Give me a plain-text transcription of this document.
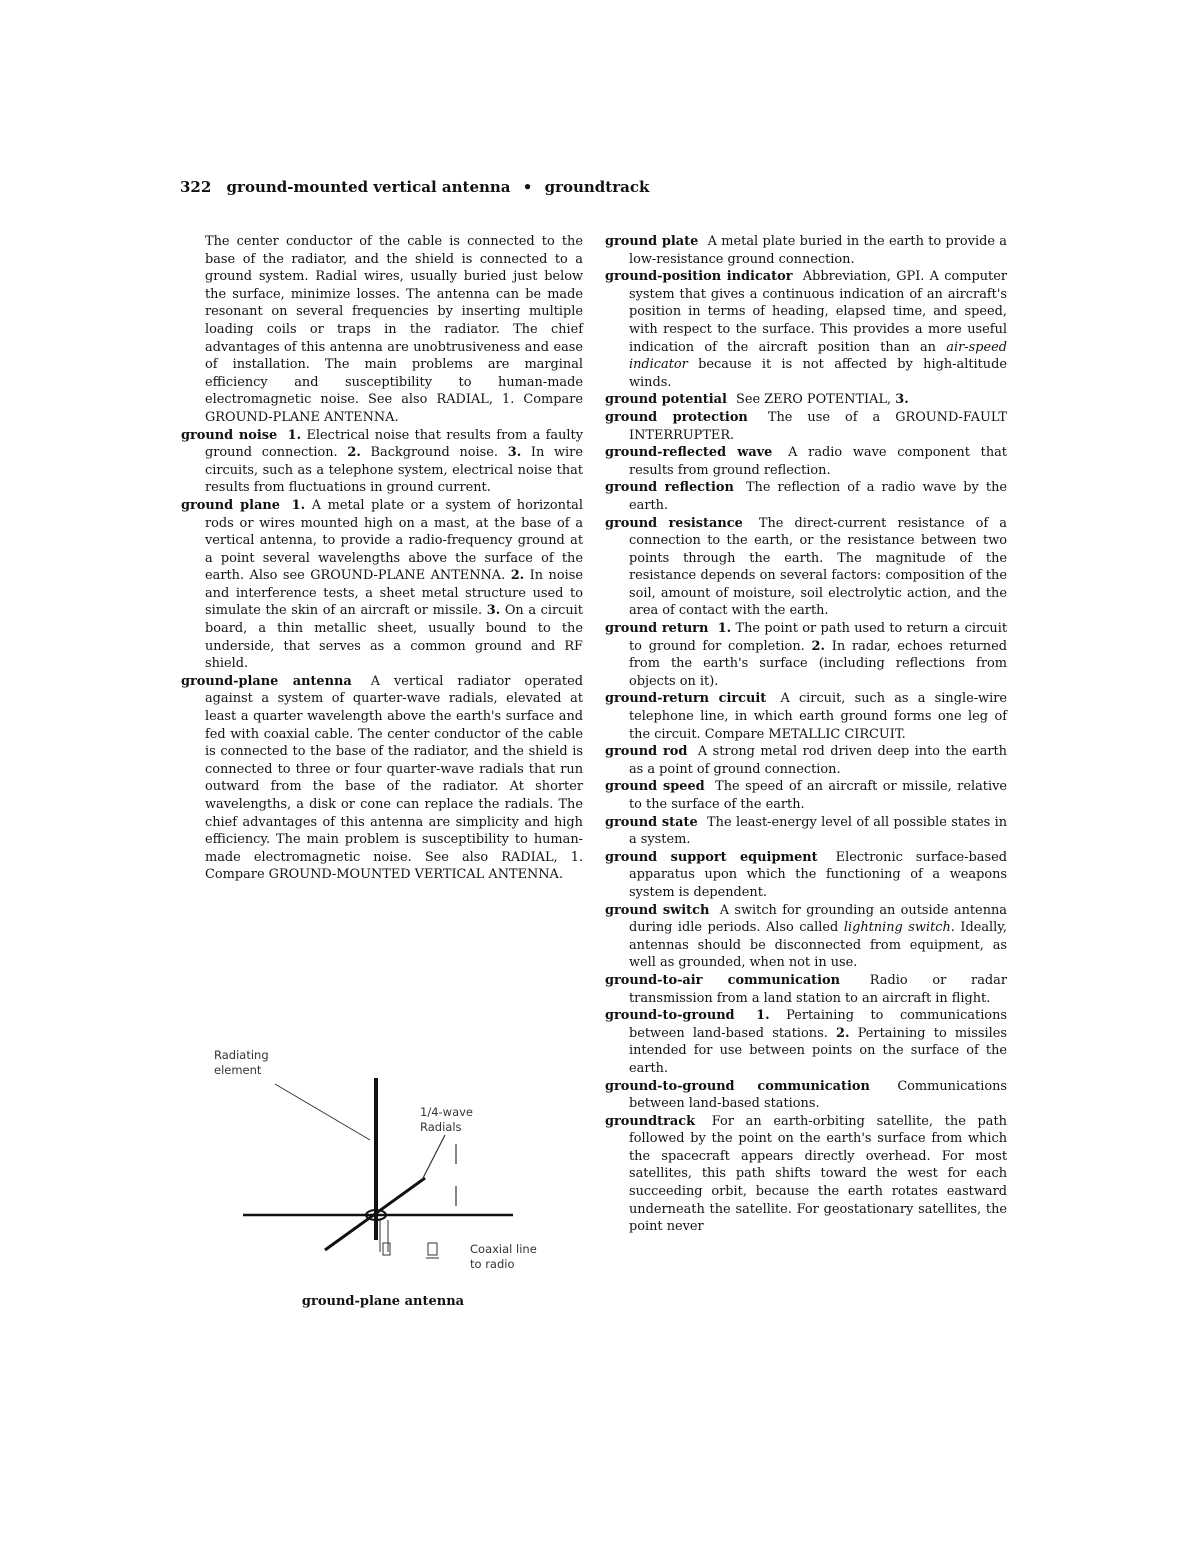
322 ground-mounted vertical antenna • groundtrack

The center conductor of the cable is connected to the base of the radiator, and the shield is connected to a ground system. Radial wires, usually buried just below the surface, minimize losses. The antenna can be made resonant on several frequencies by inserting multiple loading coils or traps in the radiator. The chief advantages of this antenna are unobtrusiveness and ease of installation. The main problems are marginal efficiency and susceptibility to human-made electromagnetic noise. See also RADIAL, 1. Compare GROUND-PLANE ANTENNA.

ground noise 1. Electrical noise that results from a faulty ground connection. 2. Background noise. 3. In wire circuits, such as a telephone system, electrical noise that results from fluctuations in ground current.

ground plane 1. A metal plate or a system of horizontal rods or wires mounted high on a mast, at the base of a vertical antenna, to provide a radio-frequency ground at a point several wavelengths above the surface of the earth. Also see GROUND-PLANE ANTENNA. 2. In noise and interference tests, a sheet metal structure used to simulate the skin of an aircraft or missile. 3. On a circuit board, a thin metallic sheet, usually bound to the underside, that serves as a common ground and RF shield.

ground-plane antenna A vertical radiator operated against a system of quarter-wave radials, elevated at least a quarter wavelength above the earth's surface and fed with coaxial cable. The center conductor of the cable is connected to the base of the radiator, and the shield is connected to three or four quarter-wave radials that run outward from the base of the radiator. At shorter wavelengths, a disk or cone can replace the radials. The chief advantages of this antenna are simplicity and high efficiency. The main problem is susceptibility to human-made electromagnetic noise. See also RADIAL, 1. Compare GROUND-MOUNTED VERTICAL ANTENNA.

Radiating
element
1/4-wave
Radials
Coaxial line
to radio
ground-plane antenna

ground plate A metal plate buried in the earth to provide a low-resistance ground connection.

ground-position indicator Abbreviation, GPI. A computer system that gives a continuous indication of an aircraft's position in terms of heading, elapsed time, and speed, with respect to the surface. This provides a more useful indication of the aircraft position than an air-speed indicator because it is not affected by high-altitude winds.

ground potential See ZERO POTENTIAL, 3.

ground protection The use of a GROUND-FAULT INTERRUPTER.

ground-reflected wave A radio wave component that results from ground reflection.

ground reflection The reflection of a radio wave by the earth.

ground resistance The direct-current resistance of a connection to the earth, or the resistance between two points through the earth. The magnitude of the resistance depends on several factors: composition of the soil, amount of moisture, soil electrolytic action, and the area of contact with the earth.

ground return 1. The point or path used to return a circuit to ground for completion. 2. In radar, echoes returned from the earth's surface (including reflections from objects on it).

ground-return circuit A circuit, such as a single-wire telephone line, in which earth ground forms one leg of the circuit. Compare METALLIC CIRCUIT.

ground rod A strong metal rod driven deep into the earth as a point of ground connection.

ground speed The speed of an aircraft or missile, relative to the surface of the earth.

ground state The least-energy level of all possible states in a system.

ground support equipment Electronic surface-based apparatus upon which the functioning of a weapons system is dependent.

ground switch A switch for grounding an outside antenna during idle periods. Also called lightning switch. Ideally, antennas should be disconnected from equipment, as well as grounded, when not in use.

ground-to-air communication Radio or radar transmission from a land station to an aircraft in flight.

ground-to-ground 1. Pertaining to communications between land-based stations. 2. Pertaining to missiles intended for use between points on the surface of the earth.

ground-to-ground communication Communications between land-based stations.

groundtrack For an earth-orbiting satellite, the path followed by the point on the earth's surface from which the spacecraft appears directly overhead. For most satellites, this path shifts toward the west for each succeeding orbit, because the earth rotates eastward underneath the satellite. For geostationary satellites, the point never
